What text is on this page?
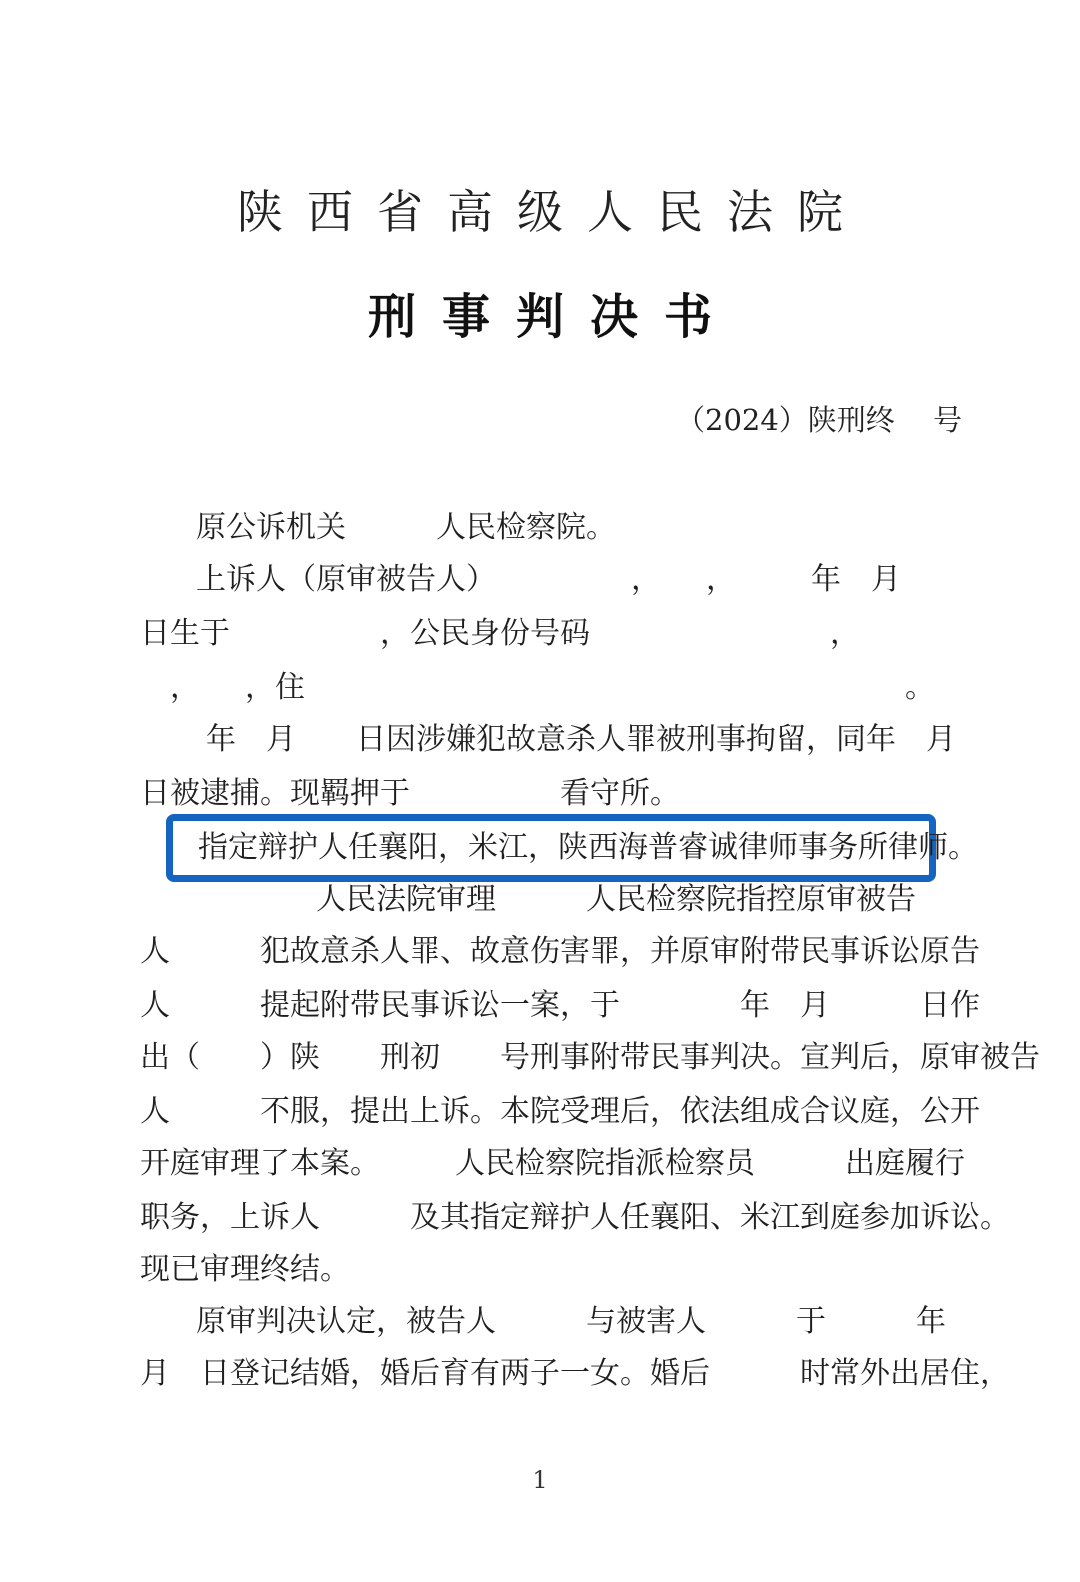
陕西省高级人民法院
刑事判决书
（2024）陕刑终　 号
原公诉机关　　　人民检察院。
上诉人（原审被告人）　　　　　，　　，　　　年　月
日生于　　　　　，公民身份号码　　　　　　　　，
　，　　，住　　　　　　　　　　　　　　　　　　　　。
　年　月　　日因涉嫌犯故意杀人罪被刑事拘留，同年　月
日被逮捕。现羁押于　　　　　看守所。
指定辩护人任襄阳，米江，陕西海普睿诚律师事务所律师。
　　　　人民法院审理　　　人民检察院指控原审被告
人　　　犯故意杀人罪、故意伤害罪，并原审附带民事诉讼原告
人　　　提起附带民事诉讼一案，于　　　　年　月　　　日作
出（　　）陕　　刑初　　号刑事附带民事判决。宣判后，原审被告
人　　　不服，提出上诉。本院受理后，依法组成合议庭，公开
开庭审理了本案。　　　人民检察院指派检察员　　　出庭履行
职务，上诉人　　　及其指定辩护人任襄阳、米江到庭参加诉讼。
现已审理终结。
原审判决认定，被告人　　　与被害人　　　于　　　年
月　日登记结婚，婚后育有两子一女。婚后　　　时常外出居住，
1
